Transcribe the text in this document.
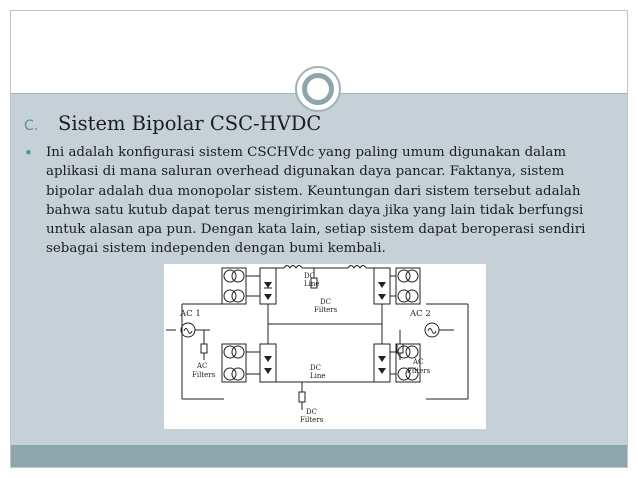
C.	Sistem Bipolar CSC-HVDC
• Ini adalah konfigurasi sistem CSCHVdc yang paling umum digunakan dalam
aplikasi di mana saluran overhead digunakan daya pancar. Faktanya, sistem
bipolar adalah dua monopolar sistem. Keuntungan dari sistem tersebut adalah
bahwa satu kutub dapat terus mengirimkan daya jika yang lain tidak berfungsi
untuk alasan apa pun. Dengan kata lain, setiap sistem dapat beroperasi sendiri
sebagai sistem independen dengan bumi kembali.
AC 1	AC 2
AC
Filters
AC
Filters
DC
Line
DC
Filters
DC
Line
DC
Filters
